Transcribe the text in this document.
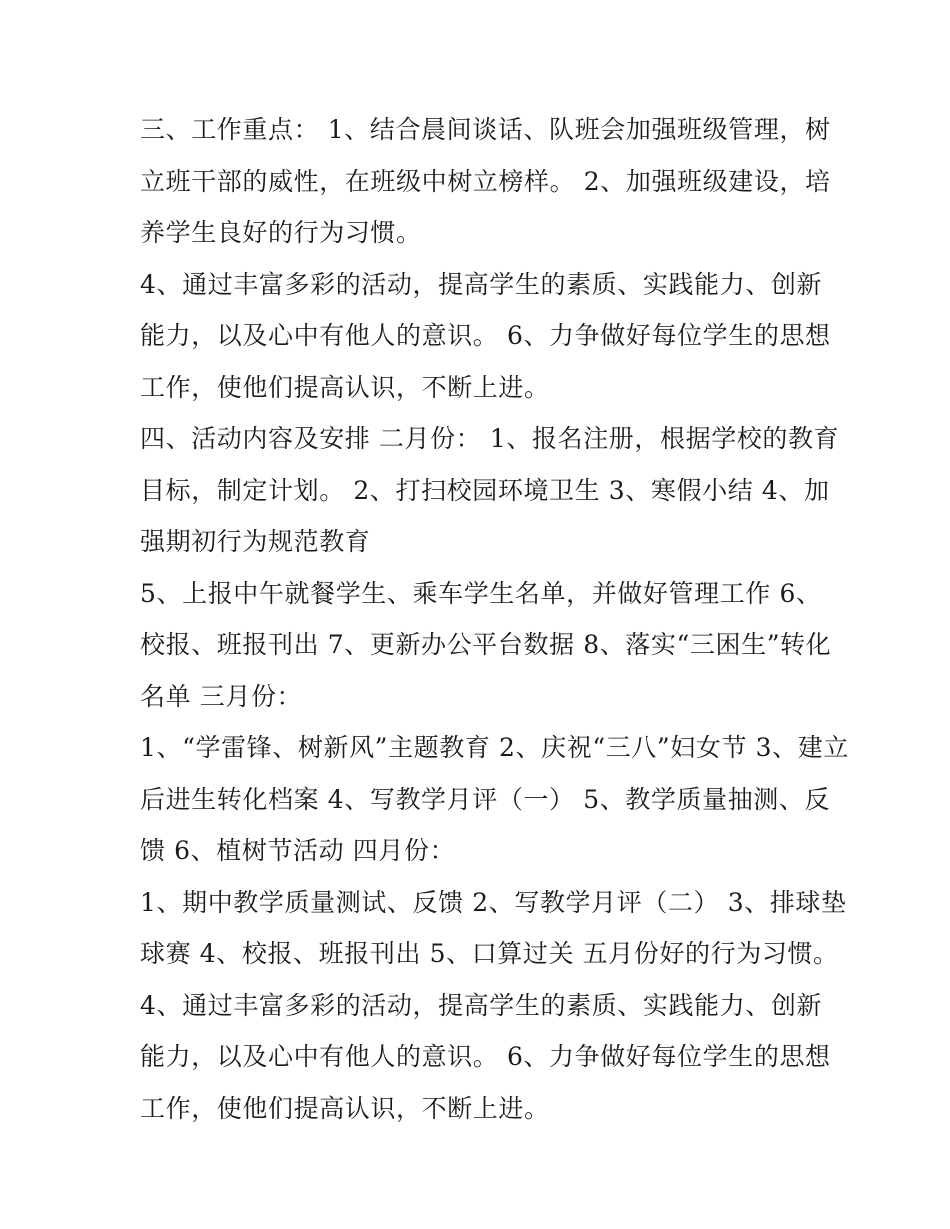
三、工作重点： 1、结合晨间谈话、队班会加强班级管理，树
立班干部的威性，在班级中树立榜样。 2、加强班级建设，培
养学生良好的行为习惯。
4、通过丰富多彩的活动，提高学生的素质、实践能力、创新
能力，以及心中有他人的意识。 6、力争做好每位学生的思想
工作，使他们提高认识，不断上进。
四、活动内容及安排 二月份： 1、报名注册，根据学校的教育
目标，制定计划。 2、打扫校园环境卫生 3、寒假小结 4、加
强期初行为规范教育
5、上报中午就餐学生、乘车学生名单，并做好管理工作 6、
校报、班报刊出 7、更新办公平台数据 8、落实“三困生”转化
名单 三月份：
1、“学雷锋、树新风”主题教育 2、庆祝“三八”妇女节 3、建立
后进生转化档案 4、写教学月评（一） 5、教学质量抽测、反
馈 6、植树节活动 四月份：
1、期中教学质量测试、反馈 2、写教学月评（二） 3、排球垫
球赛 4、校报、班报刊出 5、口算过关 五月份好的行为习惯。
4、通过丰富多彩的活动，提高学生的素质、实践能力、创新
能力，以及心中有他人的意识。 6、力争做好每位学生的思想
工作，使他们提高认识，不断上进。
